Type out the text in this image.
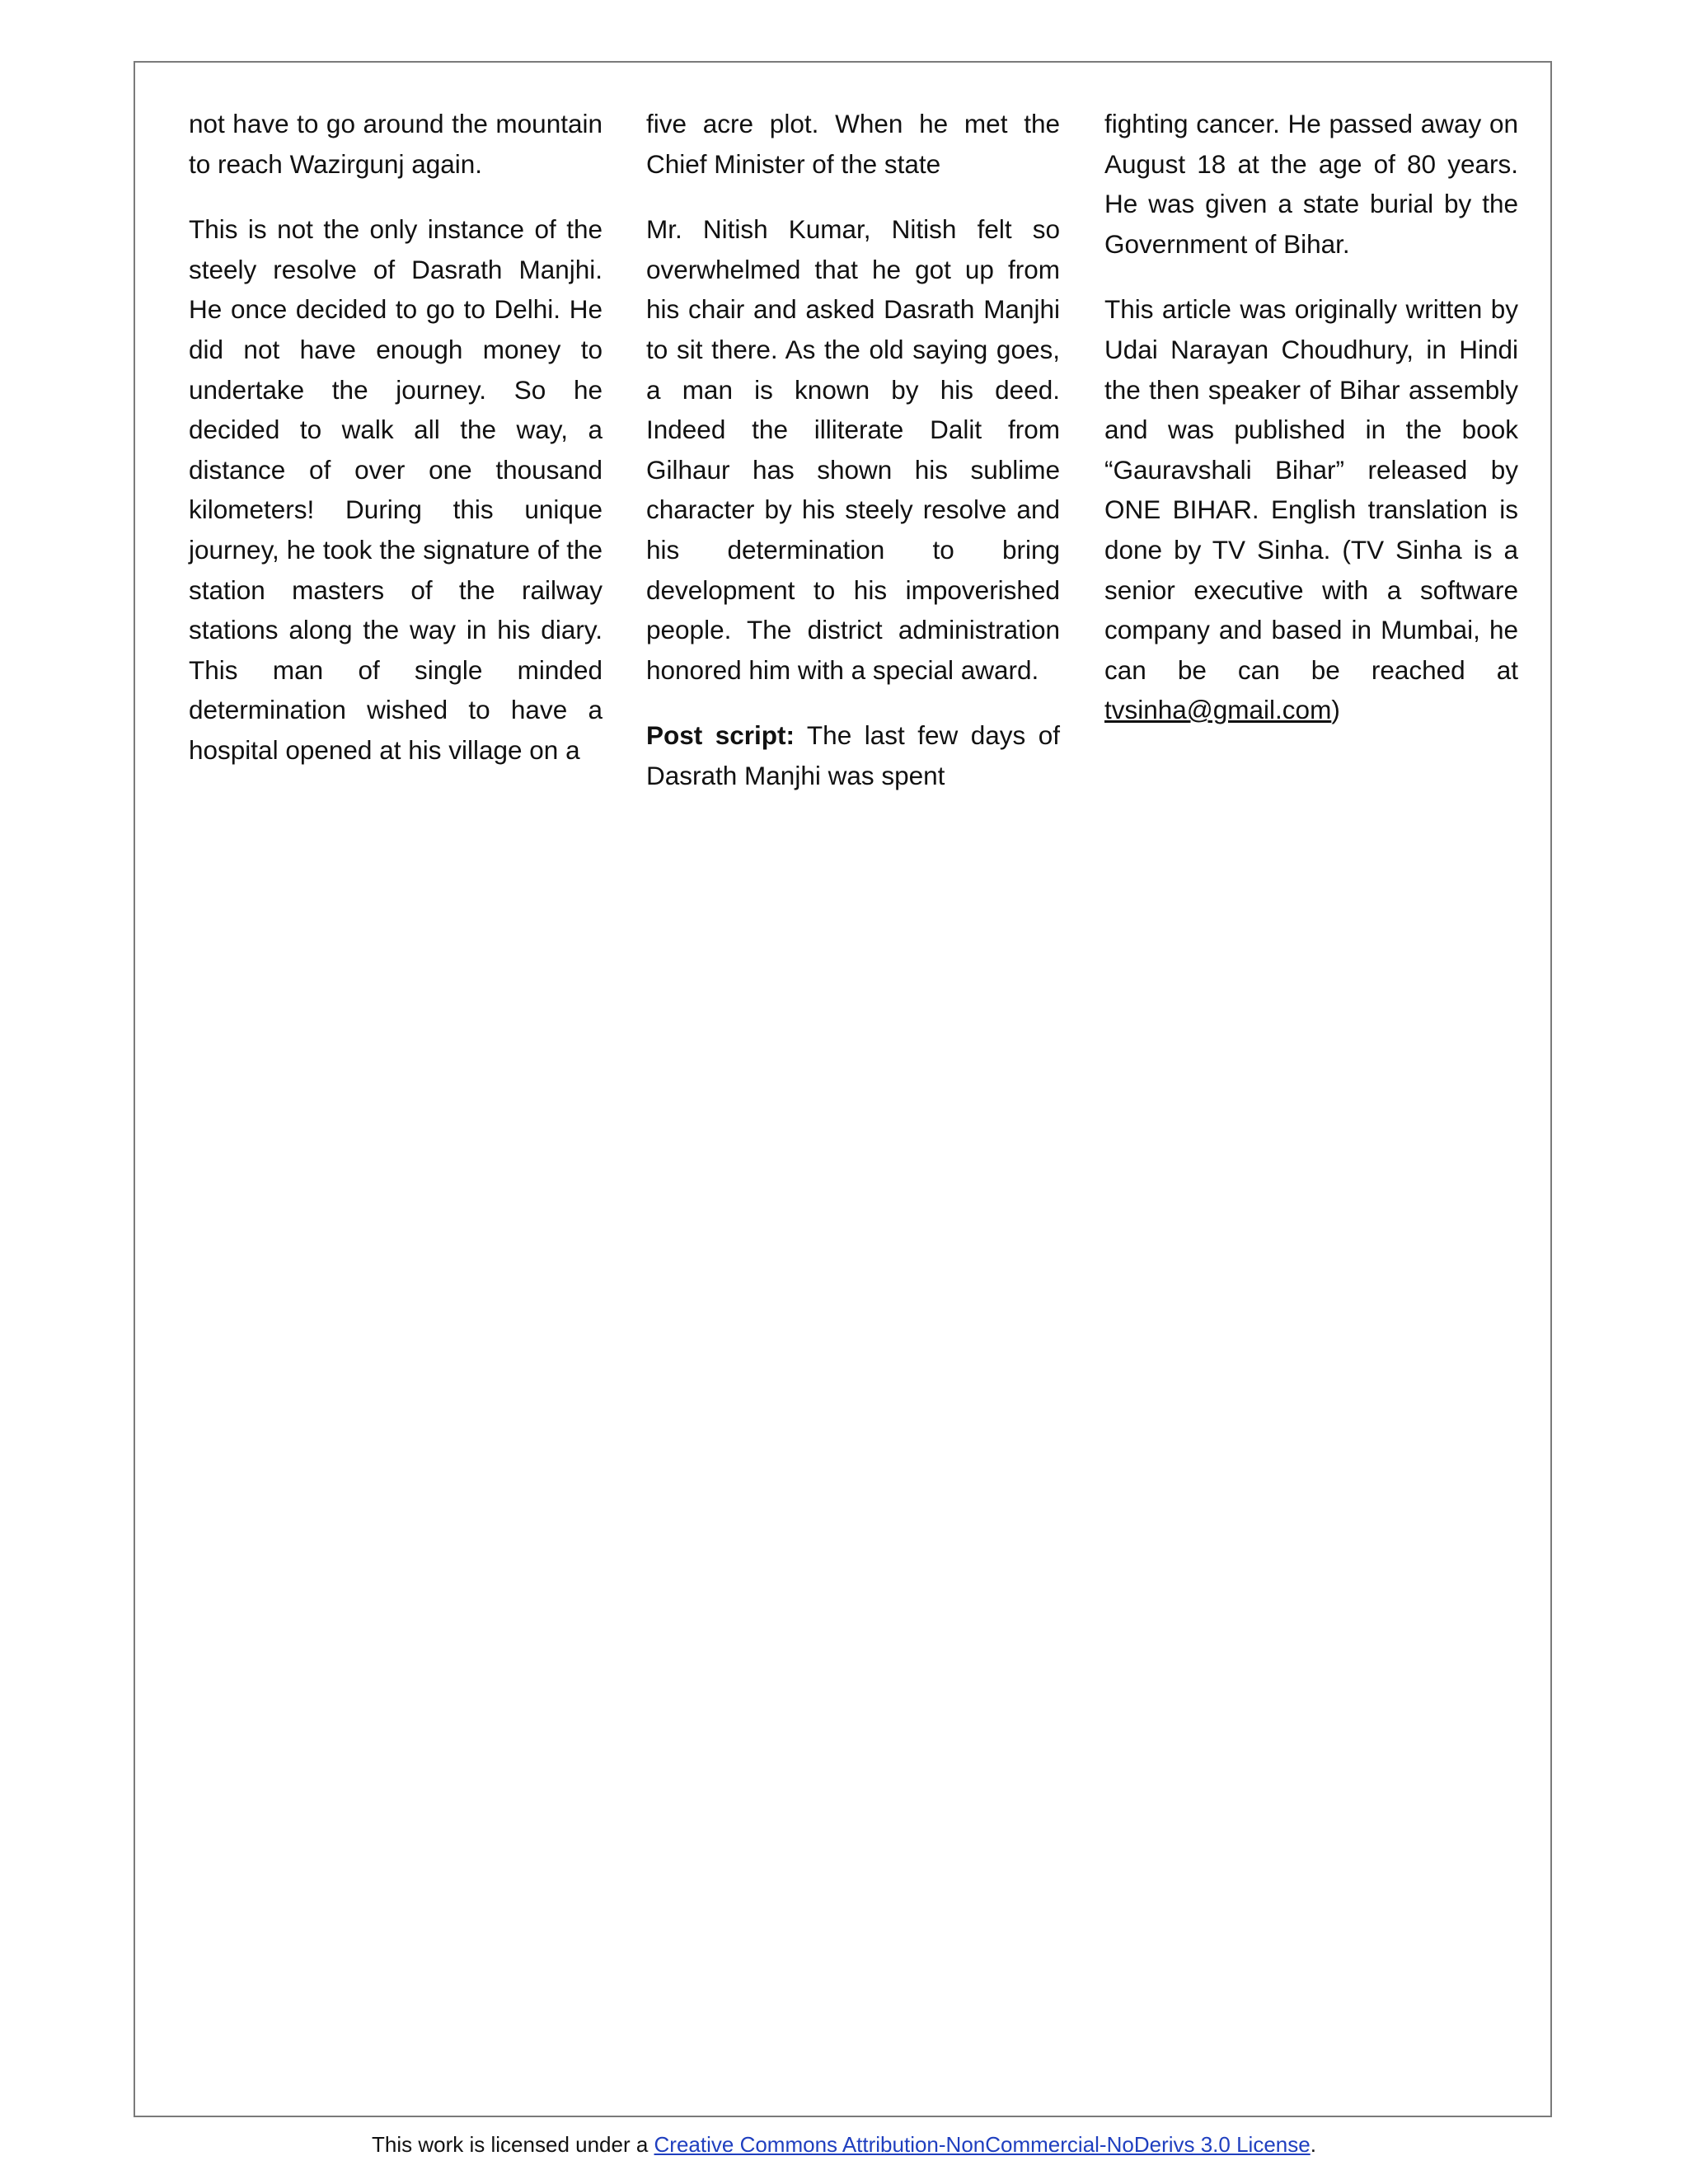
not have to go around the mountain to reach Wazirgunj again.

This is not the only instance of the steely resolve of Dasrath Manjhi. He once decided to go to Delhi. He did not have enough money to undertake the journey. So he decided to walk all the way, a distance of over one thousand kilometers! During this unique journey, he took the signature of the station masters of the railway stations along the way in his diary. This man of single minded determination wished to have a hospital opened at his village on a

five acre plot. When he met the Chief Minister of the state

Mr. Nitish Kumar, Nitish felt so overwhelmed that he got up from his chair and asked Dasrath Manjhi to sit there. As the old saying goes, a man is known by his deed. Indeed the illiterate Dalit from Gilhaur has shown his sublime character by his steely resolve and his determination to bring development to his impoverished people. The district administration honored him with a special award.

Post script: The last few days of Dasrath Manjhi was spent

fighting cancer. He passed away on August 18 at the age of 80 years. He was given a state burial by the Government of Bihar.

This article was originally written by Udai Narayan Choudhury, in Hindi the then speaker of Bihar assembly and was published in the book “Gauravshali Bihar” released by ONE BIHAR. English translation is done by TV Sinha. (TV Sinha is a senior executive with a software company and based in Mumbai, he can be can be reached at tvsinha@gmail.com)

This work is licensed under a Creative Commons Attribution-NonCommercial-NoDerivs 3.0 License.
